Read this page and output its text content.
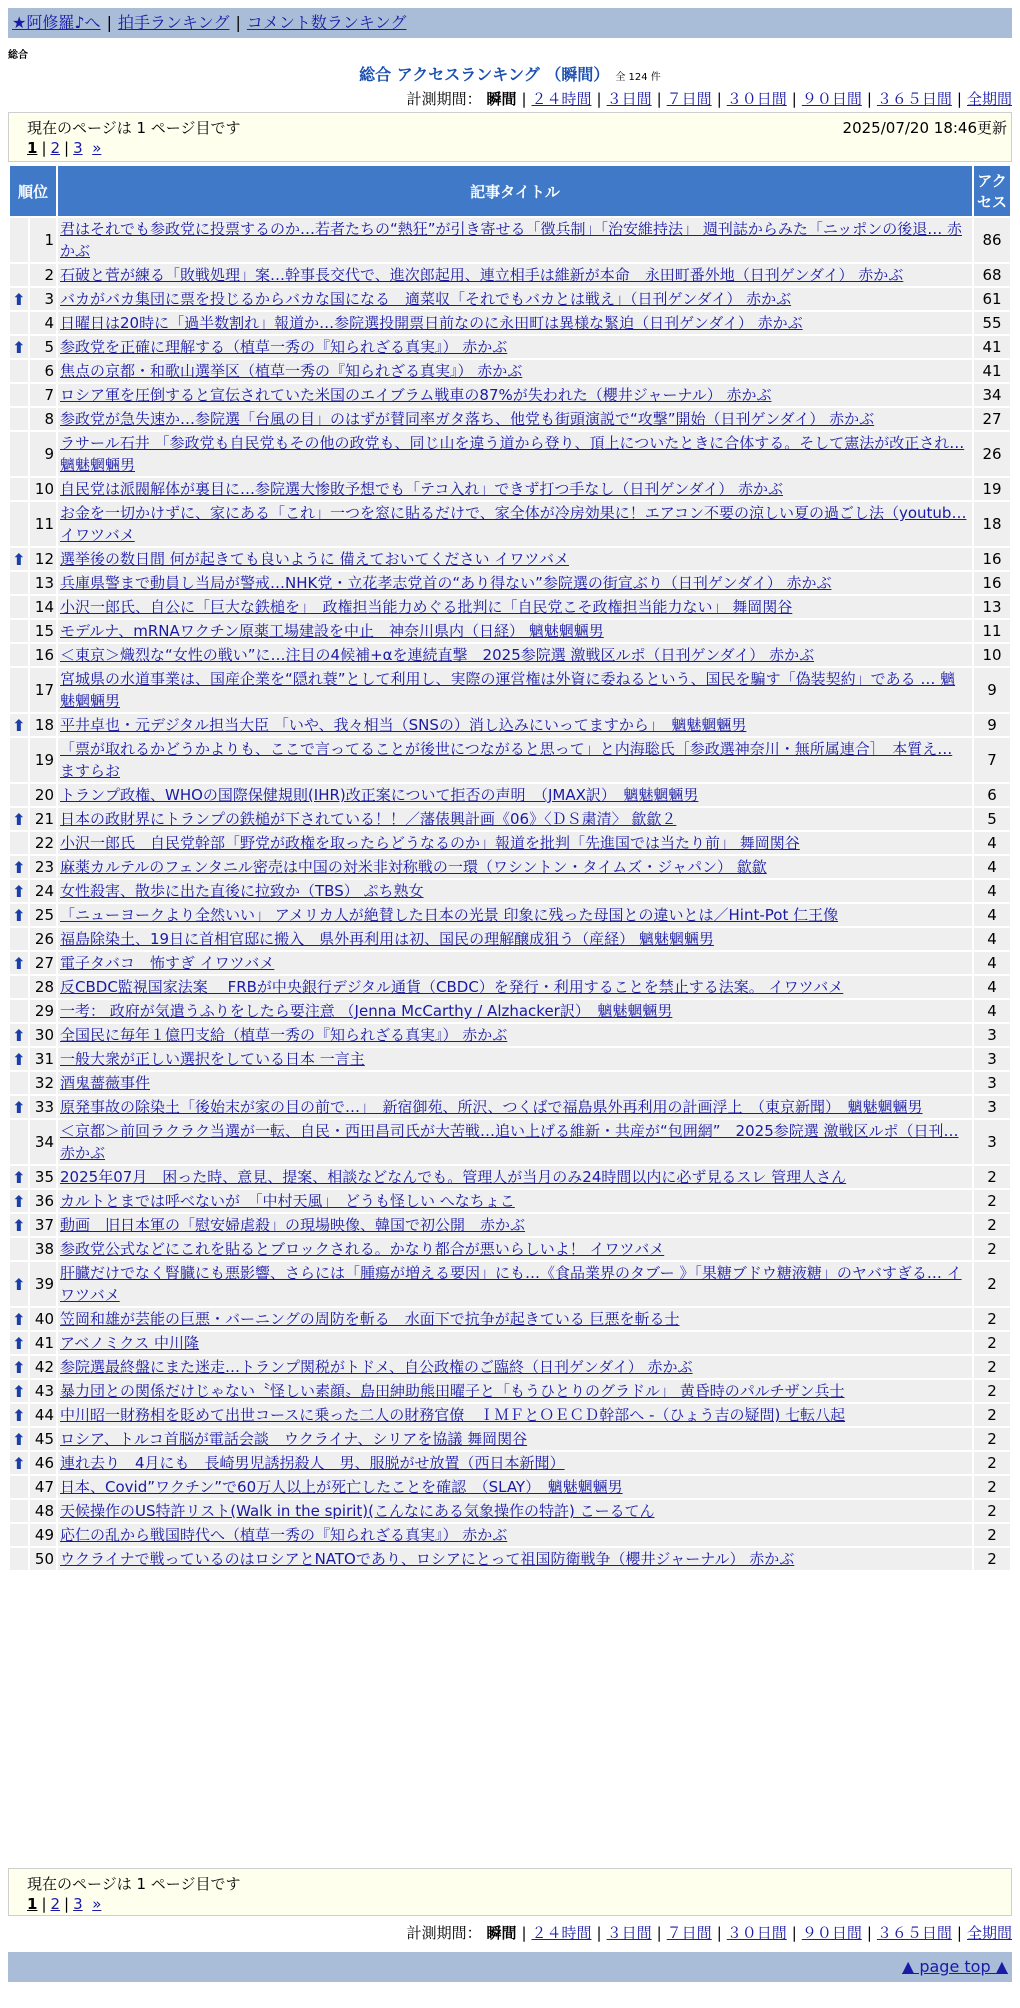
★阿修羅♪へ | 拍手ランキング | コメント数ランキング
総合
総合 アクセスランキング （瞬間） 全 124 件
計測期間： 瞬間 | ２４時間 | ３日間 | ７日間 | ３０日間 | ９０日間 | ３６５日間 | 全期間
現在のページは 1 ページ目です	2025/07/20 18:46更新
1 | 2 | 3 »
順位		記事タイトル	アクセス
	1	君はそれでも参政党に投票するのか…若者たちの“熱狂”が引き寄せる「徴兵制」「治安維持法」 週刊誌からみた「ニッポンの後退… 赤かぶ	86
	2	石破と菅が練る「敗戦処理」案…幹事長交代で、進次郎起用、連立相手は維新が本命　永田町番外地（日刊ゲンダイ） 赤かぶ	68
⬆	3	バカがバカ集団に票を投じるからバカな国になる　適菜収「それでもバカとは戦え」（日刊ゲンダイ） 赤かぶ	61
	4	日曜日は20時に「過半数割れ」報道か…参院選投開票日前なのに永田町は異様な緊迫（日刊ゲンダイ） 赤かぶ	55
⬆	5	参政党を正確に理解する（植草一秀の『知られざる真実』） 赤かぶ	41
	6	焦点の京都・和歌山選挙区（植草一秀の『知られざる真実』） 赤かぶ	41
	7	ロシア軍を圧倒すると宣伝されていた米国のエイブラム戦車の87%が失われた（櫻井ジャーナル） 赤かぶ	34
	8	参政党が急失速か…参院選「台風の目」のはずが賛同率ガタ落ち、他党も街頭演説で“攻撃”開始（日刊ゲンダイ） 赤かぶ	27
	9	ラサール石井 「参政党も自民党もその他の政党も、同じ山を違う道から登り、頂上についたときに合体する。そして憲法が改正され… 魑魅魍魎男	26
	10	自民党は派閥解体が裏目に…参院選大惨敗予想でも「テコ入れ」できず打つ手なし（日刊ゲンダイ） 赤かぶ	19
	11	お金を一切かけずに、家にある「これ」一つを窓に貼るだけで、家全体が冷房効果に！エアコン不要の涼しい夏の過ごし法（youtub… イワツバメ	18
⬆	12	選挙後の数日間 何が起きても良いように 備えておいてください イワツバメ	16
	13	兵庫県警まで動員し当局が警戒…NHK党・立花孝志党首の“あり得ない”参院選の街宣ぶり（日刊ゲンダイ） 赤かぶ	16
	14	小沢一郎氏、自公に「巨大な鉄槌を」　政権担当能力めぐる批判に「自民党こそ政権担当能力ない」 舞岡関谷	13
	15	モデルナ、mRNAワクチン原薬工場建設を中止　神奈川県内（日経） 魑魅魍魎男	11
	16	＜東京＞熾烈な“女性の戦い”に…注目の4候補+αを連続直撃　2025参院選 激戦区ルポ（日刊ゲンダイ） 赤かぶ	10
	17	宮城県の水道事業は、国産企業を“隠れ蓑”として利用し、実際の運営権は外資に委ねるという、国民を騙す「偽装契約」である … 魑魅魍魎男	9
⬆	18	平井卓也・元デジタル担当大臣 「いや、我々相当（SNSの）消し込みにいってますから」　魑魅魍魎男	9
	19	「票が取れるかどうかよりも、ここで言ってることが後世につながると思って」と内海聡氏［参政選神奈川・無所属連合］　本質え… ますらお	7
	20	トランプ政権、WHOの国際保健規則(IHR)改正案について拒否の声明　（JMAX訳）　魑魅魍魎男	6
⬆	21	日本の政財界にトランプの鉄槌が下されている！！／藩俵興計画《06》〈ＤＳ粛清〉 歙歙２	5
	22	小沢一郎氏　自民党幹部「野党が政権を取ったらどうなるのか」報道を批判「先進国では当たり前」 舞岡関谷	4
⬆	23	麻薬カルテルのフェンタニル密売は中国の対米非対称戦の一環（ワシントン・タイムズ・ジャパン） 歙歙	4
⬆	24	女性殺害、散歩に出た直後に拉致か（TBS） ぷち熟女	4
⬆	25	「ニューヨークより全然いい」 アメリカ人が絶賛した日本の光景 印象に残った母国との違いとは／Hint-Pot 仁王像	4
	26	福島除染土、19日に首相官邸に搬入　県外再利用は初、国民の理解醸成狙う（産経） 魑魅魍魎男	4
⬆	27	電子タバコ　怖すぎ イワツバメ	4
	28	反CBDC監視国家法案　 FRBが中央銀行デジタル通貨（CBDC）を発行・利用することを禁止する法案。 イワツバメ	4
	29	一考： 政府が気遣うふりをしたら要注意 （Jenna McCarthy / Alzhacker訳）　魑魅魍魎男	4
⬆	30	全国民に毎年１億円支給（植草一秀の『知られざる真実』） 赤かぶ	3
⬆	31	一般大衆が正しい選択をしている日本 一言主	3
	32	酒鬼薔薇事件	3
⬆	33	原発事故の除染土「後始末が家の目の前で…」　新宿御苑、所沢、つくばで福島県外再利用の計画浮上　（東京新聞）　魑魅魍魎男	3
	34	＜京都＞前回ラクラク当選が一転、自民・西田昌司氏が大苦戦…追い上げる維新・共産が“包囲網”　2025参院選 激戦区ルポ（日刊… 赤かぶ	3
⬆	35	2025年07月　困った時、意見、提案、相談などなんでも。管理人が当月のみ24時間以内に必ず見るスレ 管理人さん	2
⬆	36	カルトとまでは呼べないが　「中村天風」　どうも怪しい へなちょこ	2
⬆	37	動画　旧日本軍の「慰安婦虐殺」の現場映像、韓国で初公開　赤かぶ	2
	38	参政党公式などにこれを貼るとブロックされる。かなり都合が悪いらしいよ！ イワツバメ	2
⬆	39	肝臓だけでなく腎臓にも悪影響、さらには「腫瘍が増える要因」にも…《食品業界のタブー 》「果糖ブドウ糖液糖」のヤバすぎる… イワツバメ	2
⬆	40	笠岡和雄が芸能の巨悪・バーニングの周防を斬る　水面下で抗争が起きている 巨悪を斬る士	2
⬆	41	アベノミクス 中川隆	2
⬆	42	参院選最終盤にまた迷走…トランプ関税がトドメ、自公政権のご臨終（日刊ゲンダイ） 赤かぶ	2
⬆	43	暴力団との関係だけじゃない〝怪しい素顔〟島田紳助熊田曜子と「もうひとりのグラドル」 黄昏時のパルチザン兵士	2
⬆	44	中川昭一財務相を貶めて出世コースに乗った二人の財務官僚　ＩＭＦとＯＥＣＤ幹部へ -（ひょう吉の疑問) 七転八起	2
⬆	45	ロシア、トルコ首脳が電話会談　ウクライナ、シリアを協議 舞岡関谷	2
⬆	46	連れ去り　4月にも　長崎男児誘拐殺人　男、服脱がせ放置（西日本新聞）	2
	47	日本、Covid”ワクチン”で60万人以上が死亡したことを確認　（SLAY）　魑魅魍魎男	2
	48	天候操作のUS特許リスト(Walk in the spirit)(こんなにある気象操作の特許) こーるてん	2
	49	応仁の乱から戦国時代へ（植草一秀の『知られざる真実』） 赤かぶ	2
	50	ウクライナで戦っているのはロシアとNATOであり、ロシアにとって祖国防衛戦争（櫻井ジャーナル） 赤かぶ	2
現在のページは 1 ページ目です
1 | 2 | 3 »
計測期間： 瞬間 | ２４時間 | ３日間 | ７日間 | ３０日間 | ９０日間 | ３６５日間 | 全期間
▲ page top ▲
